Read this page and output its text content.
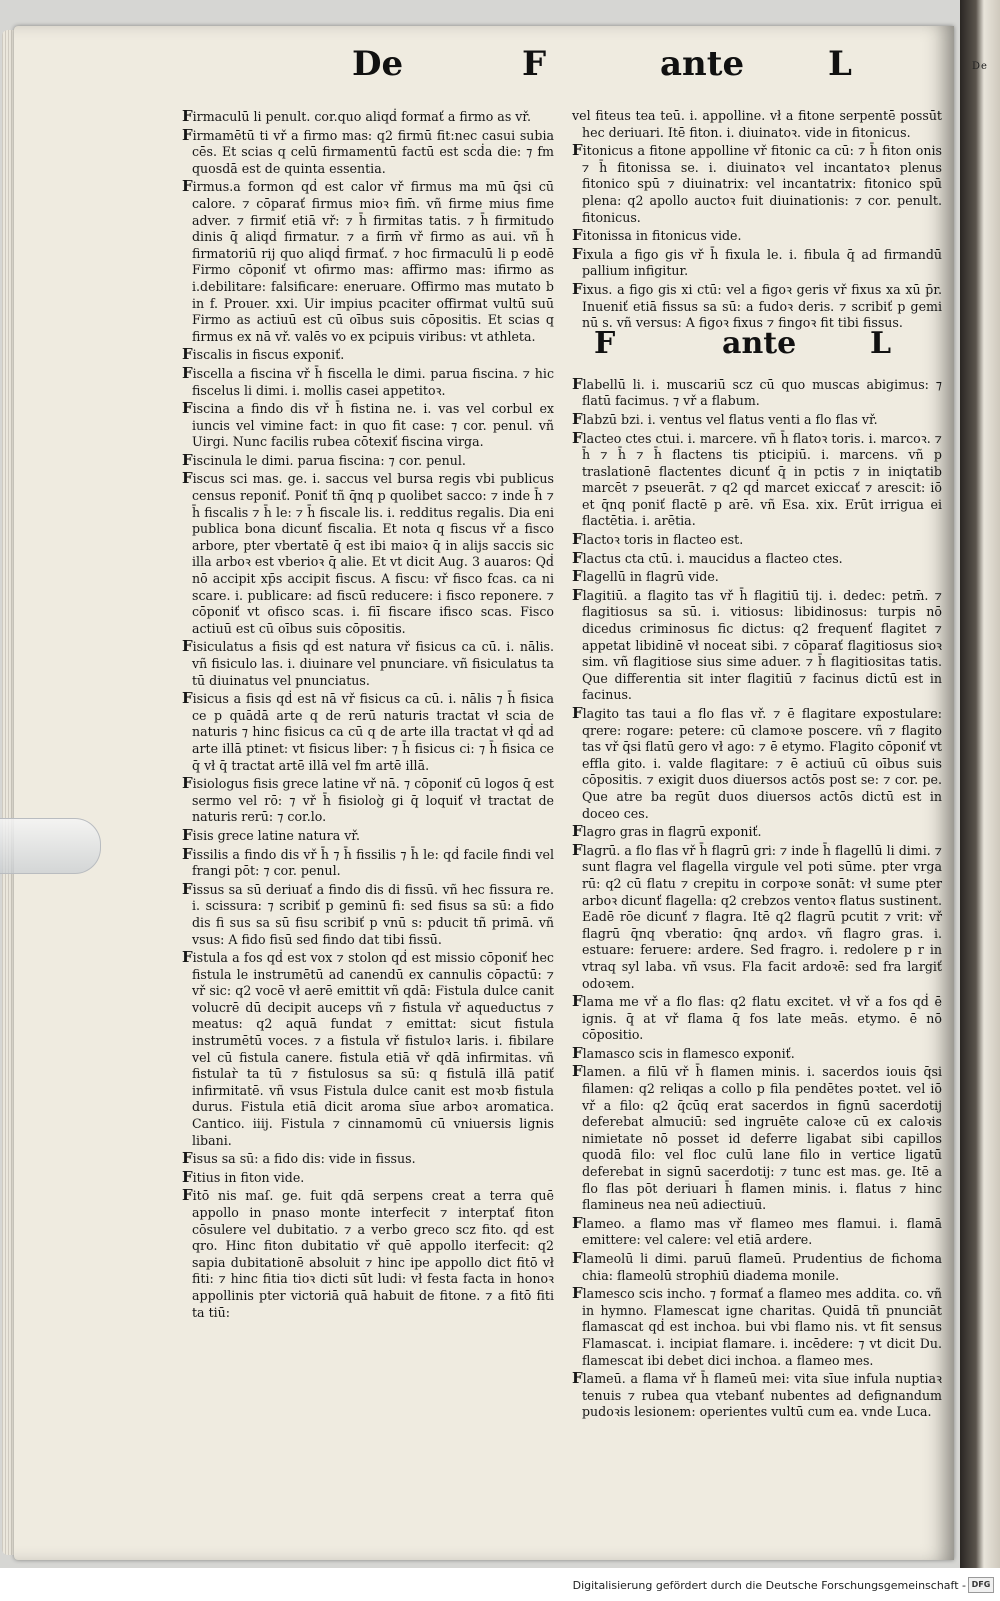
De
De	F	ante L
Firmaculū li penult. cor.quo aliqḋ formať a firmo as vř.
Firmamētū ti vř a firmo mas: q2 firmū fit:nec casui subia cēs. Et scias q celū firmamentū factū est scḋa die: ⁊ fm quosdā est de quinta essentia.
Firmus.a formon qḋ est calor vř firmus ma mū q̄si cū calore. ⁊ cōparať firmus mioꝛ fim̄. vñ firme mius fime adver. ⁊ firmiť etiā vř: ⁊ h̄ firmitas tatis. ⁊ h̄ firmitudo dinis q̄ aliqḋ firmatur. ⁊ a firm̄ vř firmo as aui. vñ h̄ firmatoriū rij quo aliqḋ firmať. ⁊ hoc firmaculū li p eodē Firmo cōponiť vt ofirmo mas: affirmo mas: ifirmo as i.debilitare: falsificare: eneruare. Offirmo mas mutato b in f. Prouer. xxi. Uir impius pcaciter offirmat vultū suū Firmo as actiuū est cū oībus suis cōpositis. Et scias q firmus ex nā vř. valēs vo ex pcipuis viribus: vt athleta.
Fiscalis in fiscus exponiť.
Fiscella a fiscina vř h̄ fiscella le dimi. parua fiscina. ⁊ hic fiscelus li dimi. i. mollis casei appetitoꝛ.
Fiscina a findo dis vř h̄ fistina ne. i. vas vel corbul ex iuncis vel vimine fact: in quo fit case: ⁊ cor. penul. vñ Uirgi. Nunc facilis rubea cōtexiť fiscina virga.
Fiscinula le dimi. parua fiscina: ⁊ cor. penul.
Fiscus sci mas. ge. i. saccus vel bursa regis vbi publicus census reponiť. Poniť tñ q̄nq p quolibet sacco: ⁊ inde h̄ ⁊ h̄ fiscalis ⁊ h̄ le: ⁊ h̄ fiscale lis. i. redditus regalis. Dia eni publica bona dicunť fiscalia. Et nota q fiscus vř a fisco arbore, pter vbertatē q̄ est ibi maioꝛ q̄ in alijs saccis sic illa arboꝛ est vberioꝛ q̄ alie. Et vt dicit Aug. 3 auaros: Qḋ nō accipit xp̄s accipit fiscus. A fiscu: vř fisco fcas. ca ni scare. i. publicare: ad fiscū reducere: i fisco reponere. ⁊ cōponiť vt ofisco scas. i. fiī fiscare ifisco scas. Fisco actiuū est cū oībus suis cōpositis.
Fisiculatus a fisis qḋ est natura vř fisicus ca cū. i. nālis. vñ fisiculo las. i. diuinare vel pnunciare. vñ fisiculatus ta tū diuinatus vel pnunciatus.
Fisicus a fisis qḋ est nā vř fisicus ca cū. i. nālis ⁊ h̄ fisica ce p quādā arte q de rerū naturis tractat vł scia de naturis ⁊ hinc fisicus ca cū q de arte illa tractat vł qḋ ad arte illā ptinet: vt fisicus liber: ⁊ h̄ fisicus ci: ⁊ h̄ fisica ce q̄ vł q̄ tractat artē illā vel fm artē illā.
Fisiologus fisis grece latine vř nā. ⁊ cōponiť cū logos q̄ est sermo vel rō: ⁊ vř h̄ fisiolog̀ gi q̄ loquiť vł tractat de naturis rerū: ⁊ cor.lo.
Fisis grece latine natura vř.
Fissilis a findo dis vř h̄ ⁊ h̄ fissilis ⁊ h̄ le: qḋ facile findi vel frangi pōt: ⁊ cor. penul.
Fissus sa sū deriuať a findo dis di fissū. vñ hec fissura re. i. scissura: ⁊ scribiť p geminū fi: sed fisus sa sū: a fido dis fi sus sa sū fisu scribiť p vnū s: pducit tñ primā. vñ vsus: A fido fisū sed findo dat tibi fissū.
Fistula a fos qḋ est vox ⁊ stolon qḋ est missio cōponiť hec fistula le instrumētū ad canendū ex cannulis cōpactū: ⁊ vř sic: q2 vocē vł aerē emittit vñ qdā: Fistula dulce canit volucrē dū decipit auceps vñ ⁊ fistula vř aqueductus ⁊ meatus: q2 aquā fundat ⁊ emittat: sicut fistula instrumētū voces. ⁊ a fistula vř fistuloꝛ laris. i. fibilare vel cū fistula canere. fistula etiā vř qdā infirmitas. vñ fistular̀ ta tū ⁊ fistulosus sa sū: q fistulā illā patiť infirmitatē. vñ vsus Fistula dulce canit est moꝛb fistula durus. Fistula etiā dicit aroma sīue arboꝛ aromatica. Cantico. iiij. Fistula ⁊ cinnamomū cū vniuersis lignis libani.
Fisus sa sū: a fido dis: vide in fissus.
Fitius in fiton vide.
Fitō nis maſ. ge. fuit qdā serpens creat a terra quē appollo in pnaso monte interfecit ⁊ interptať fiton cōsulere vel dubitatio. ⁊ a verbo greco scz fito. qḋ est qro. Hinc fiton dubitatio vř quē appollo iterfecit: q2 sapia dubitationē absoluit ⁊ hinc ipe appollo dict fitō vł fiti: ⁊ hinc fitia tioꝛ dicti sūt ludi: vł festa facta in honoꝛ appollinis pter victoriā quā habuit de fitone. ⁊ a fitō fiti ta tiū:
vel fiteus tea teū. i. appolline. vł a fitone serpentē possūt hec deriuari. Itē fiton. i. diuinatoꝛ. vide in fitonicus.
Fitonicus a fitone appolline vř fitonic ca cū: ⁊ h̄ fiton onis ⁊ h̄ fitonissa se. i. diuinatoꝛ vel incantatoꝛ plenus fitonico spū ⁊ diuinatrix: vel incantatrix: fitonico spū plena: q2 apollo auctoꝛ fuit diuinationis: ⁊ cor. penult. fitonicus.
Fitonissa in fitonicus vide.
Fixula a figo gis vř h̄ fixula le. i. fibula q̄ ad firmandū pallium infigitur.
Fixus. a figo gis xi ctū: vel a figoꝛ geris vř fixus xa xū p̄r. Inueniť etiā fissus sa sū: a fudoꝛ deris. ⁊ scribiť p gemi nū s. vñ versus: A figoꝛ fixus ⁊ fingoꝛ fit tibi fissus.
F	ante L
Flabellū li. i. muscariū scz cū quo muscas abigimus: ⁊ flatū facimus. ⁊ vř a flabum.
Flabzū bzi. i. ventus vel flatus venti a flo flas vř.
Flacteo ctes ctui. i. marcere. vñ h̄ flatoꝛ toris. i. marcoꝛ. ⁊ h̄ ⁊ h̄ ⁊ h̄ flactens tis pticipiū. i. marcens. vñ p traslationē flactentes dicunť q̄ in pctis ⁊ in iniqtatib marcēt ⁊ pseuerāt. ⁊ q2 qḋ marcet exiccať ⁊ arescit: iō et q̄nq poniť flactē p arē. vñ Esa. xix. Erūt irrigua ei flactētia. i. arētia.
Flactoꝛ toris in flacteo est.
Flactus cta ctū. i. maucidus a flacteo ctes.
Flagellū in flagrū vide.
Flagitiū. a flagito tas vř h̄ flagitiū tij. i. dedec: petm̄. ⁊ flagitiosus sa sū. i. vitiosus: libidinosus: turpis nō dicedus criminosus fic dictus: q2 frequenť flagitet ⁊ appetat libidinē vł noceat sibi. ⁊ cōparať flagitiosus sioꝛ sim. vñ flagitiose sius sime aduer. ⁊ h̄ flagitiositas tatis. Que differentia sit inter flagitiū ⁊ facinus dictū est in facinus.
Flagito tas taui a flo flas vř. ⁊ ē flagitare expostulare: qrere: rogare: petere: cū clamoꝛe poscere. vñ ⁊ flagito tas vř q̄si flatū gero vł ago: ⁊ ē etymo. Flagito cōponiť vt effla gito. i. valde flagitare: ⁊ ē actiuū cū oībus suis cōpositis. ⁊ exigit duos diuersos actōs post se: ⁊ cor. pe. Que atre ba regūt duos diuersos actōs dictū est in doceo ces.
Flagro gras in flagrū exponiť.
Flagrū. a flo flas vř h̄ flagrū gri: ⁊ inde h̄ flagellū li dimi. ⁊ sunt flagra vel flagella virgule vel poti sūme. pter vrga rū: q2 cū flatu ⁊ crepitu in corpoꝛe sonāt: vł sume pter arboꝛ dicunť flagella: q2 crebzos ventoꝛ flatus sustinent. Eadē rōe dicunť ⁊ flagra. Itē q2 flagrū pcutit ⁊ vrit: vř flagrū q̄nq vberatio: q̄nq ardoꝛ. vñ flagro gras. i. estuare: feruere: ardere. Sed fragro. i. redolere p r in vtraq syl laba. vñ vsus. Fla facit ardoꝛē: sed fra largiť odoꝛem.
Flama me vř a flo flas: q2 flatu excitet. vł vř a fos qḋ ē ignis. q̄ at vř flama q̄ fos late meās. etymo. ē nō cōpositio.
Flamasco scis in flamesco exponiť.
Flamen. a filū vř h̄ flamen minis. i. sacerdos iouis q̄si filamen: q2 reliqas a collo p fila pendētes poꝛtet. vel iō vř a filo: q2 q̄cūq erat sacerdos in fignū sacerdotij deferebat almuciū: sed ingruēte caloꝛe cū ex caloꝛis nimietate nō posset id deferre ligabat sibi capillos quodā filo: vel floc culū lane filo in vertice ligatū deferebat in signū sacerdotij: ⁊ tunc est mas. ge. Itē a flo flas pōt deriuari h̄ flamen minis. i. flatus ⁊ hinc flamineus nea neū adiectiuū.
Flameo. a flamo mas vř flameo mes flamui. i. flamā emittere: vel calere: vel etiā ardere.
Flameolū li dimi. paruū flameū. Prudentius de fichoma chia: flameolū strophiū diadema monile.
Flamesco scis incho. ⁊ formať a flameo mes addita. co. vñ in hymno. Flamescat igne charitas. Quidā tñ pnunciāt flamascat qḋ est inchoa. bui vbi flamo nis. vt fit sensus Flamascat. i. incipiat flamare. i. incēdere: ⁊ vt dicit Du. flamescat ibi debet dici inchoa. a flameo mes.
Flameū. a flama vř h̄ flameū mei: vita sīue infula nuptiaꝛ tenuis ⁊ rubea qua vtebanť nubentes ad defignandum pudoꝛis lesionem: operientes vultū cum ea. vnde Luca.
Digitalisierung gefördert durch die Deutsche Forschungsgemeinschaft - DFG
